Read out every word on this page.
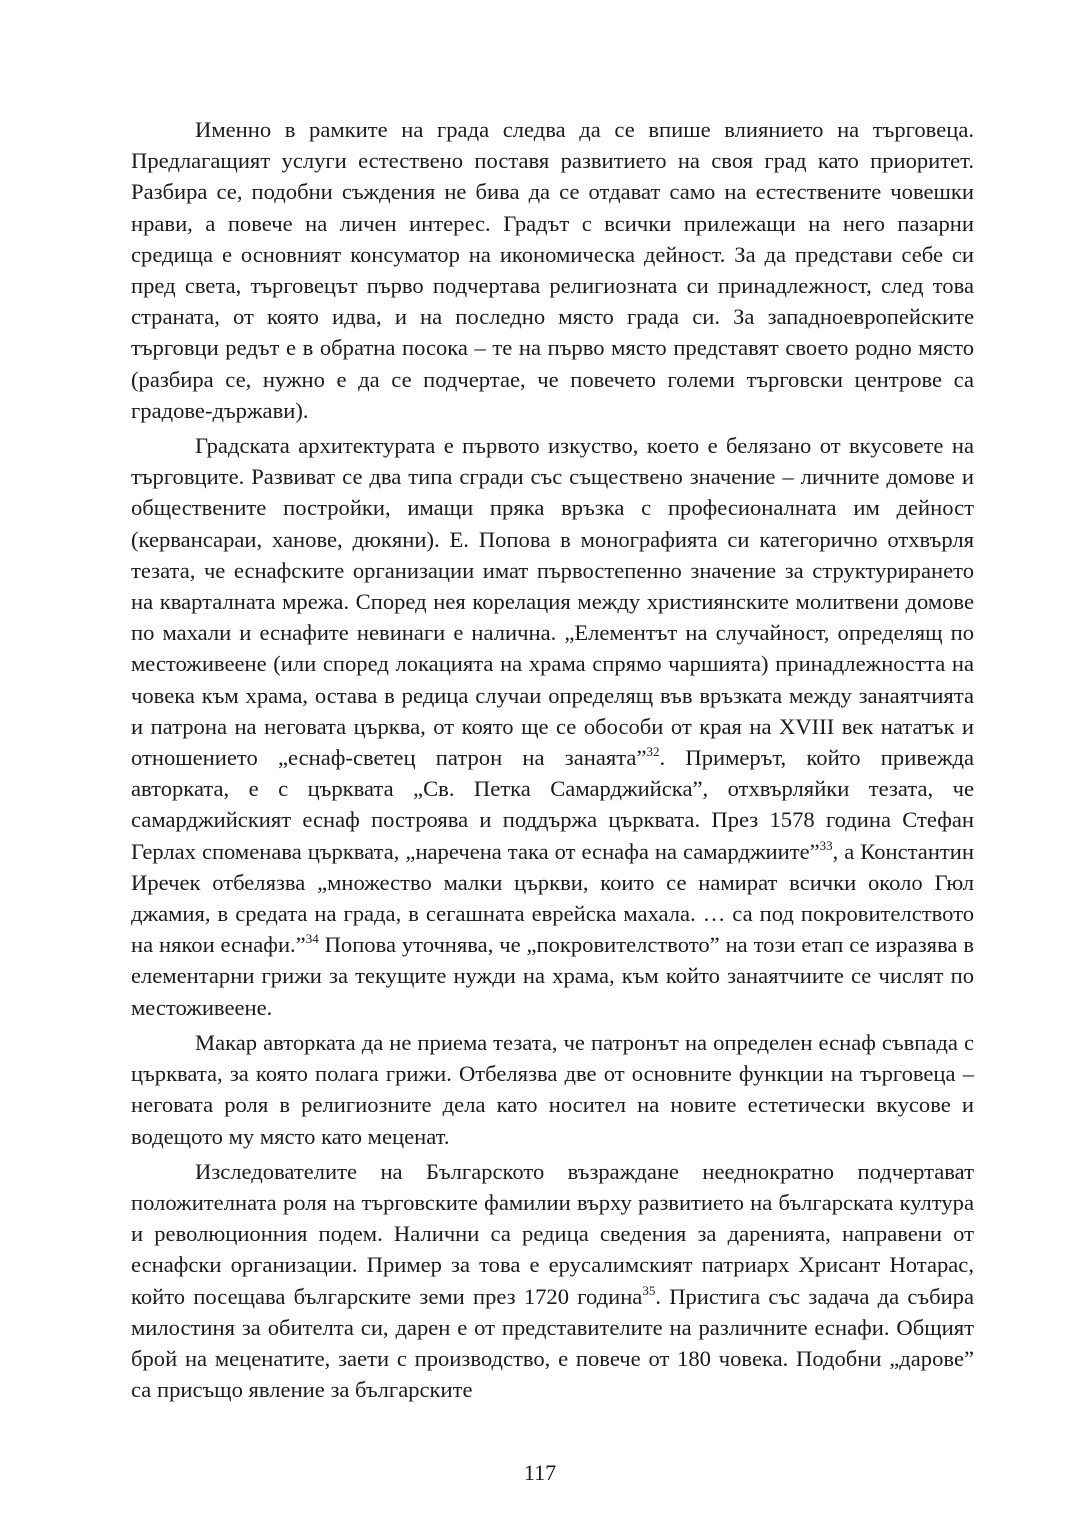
Именно в рамките на града следва да се впише влиянието на търговеца. Предлагащият услуги естествено поставя развитието на своя град като приоритет. Разбира се, подобни съждения не бива да се отдават само на естествените човешки нрави, а повече на личен интерес. Градът с всички прилежащи на него пазарни средища е основният консуматор на икономическа дейност. За да представи себе си пред света, търговецът първо подчертава религиозната си принадлежност, след това страната, от която идва, и на последно място града си. За западноевропейските търговци редът е в обратна посока – те на първо място представят своето родно място (разбира се, нужно е да се подчертае, че повечето големи търговски центрове са градове-държави).

Градската архитектурата е първото изкуство, което е белязано от вкусовете на търговците. Развиват се два типа сгради със съществено значение – личните домове и обществените постройки, имащи пряка връзка с професионалната им дейност (кервансараи, ханове, дюкяни). Е. Попова в монографията си категорично отхвърля тезата, че еснафските организации имат първостепенно значение за структурирането на кварталната мрежа. Според нея корелация между християнските молитвени домове по махали и еснафите невинаги е налична. „Елементът на случайност, определящ по местоживеене (или според локацията на храма спрямо чаршията) принадлежността на човека към храма, остава в редица случаи определящ във връзката между занаятчията и патрона на неговата църква, от която ще се обособи от края на XVIII век нататък и отношението „еснаф-светец патрон на занаята”$^{32}$. Примерът, който привежда авторката, е с църквата „Св. Петка Самарджийска”, отхвърляйки тезата, че самарджийският еснаф построява и поддържа църквата. През 1578 година Стефан Герлах споменава църквата, „наречена така от еснафа на самарджиите”$^{33}$, а Константин Иречек отбелязва „множество малки църкви, които се намират всички около Гюл джамия, в средата на града, в сегашната еврейска махала. … са под покровителството на някои еснафи.”$^{34}$ Попова уточнява, че „покровителството” на този етап се изразява в елементарни грижи за текущите нужди на храма, към който занаятчиите се числят по местоживеене.

Макар авторката да не приема тезата, че патронът на определен еснаф съвпада с църквата, за която полага грижи. Отбелязва две от основните функции на търговеца – неговата роля в религиозните дела като носител на новите естетически вкусове и водещото му място като меценат.

Изследователите на Българското възраждане нееднократно подчертават положителната роля на търговските фамилии върху развитието на българската култура и революционния подем. Налични са редица сведения за даренията, направени от еснафски организации. Пример за това е ерусалимският патриарх Хрисант Нотарас, който посещава българските земи през 1720 година$^{35}$. Пристига със задача да събира милостиня за обителта си, дарен е от представителите на различните еснафи. Общият брой на меценатите, заети с производство, е повече от 180 човека. Подобни „дарове” са присъщо явление за българските

117
